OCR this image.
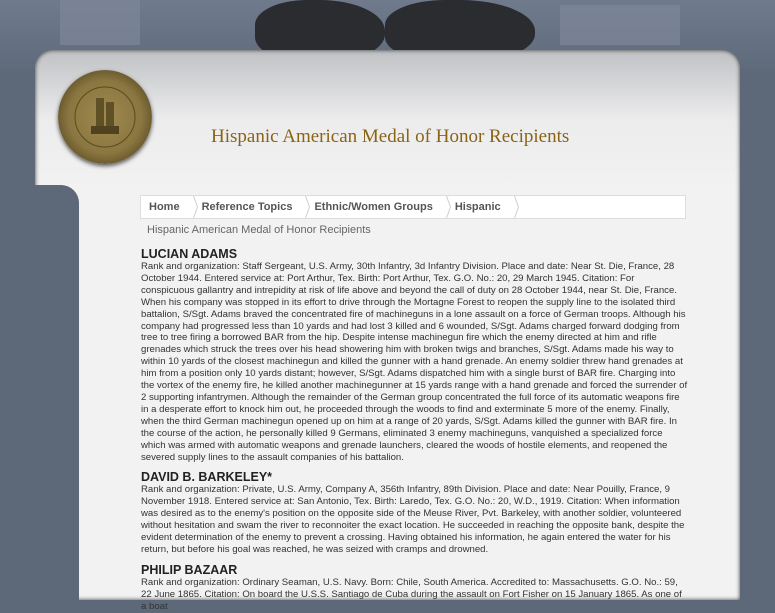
Hispanic American Medal of Honor Recipients
Home	Reference Topics	Ethnic/Women Groups	Hispanic
Hispanic American Medal of Honor Recipients
LUCIAN ADAMS

Rank and organization: Staff Sergeant, U.S. Army, 30th Infantry, 3d Infantry Division. Place and date: Near St. Die, France, 28 October 1944. Entered service at: Port Arthur, Tex. Birth: Port Arthur, Tex. G.O. No.: 20, 29 March 1945. Citation: For conspicuous gallantry and intrepidity at risk of life above and beyond the call of duty on 28 October 1944, near St. Die, France. When his company was stopped in its effort to drive through the Mortagne Forest to reopen the supply line to the isolated third battalion, S/Sgt. Adams braved the concentrated fire of machineguns in a lone assault on a force of German troops. Although his company had progressed less than 10 yards and had lost 3 killed and 6 wounded, S/Sgt. Adams charged forward dodging from tree to tree firing a borrowed BAR from the hip. Despite intense machinegun fire which the enemy directed at him and rifle grenades which struck the trees over his head showering him with broken twigs and branches, S/Sgt. Adams made his way to within 10 yards of the closest machinegun and killed the gunner with a hand grenade. An enemy soldier threw hand grenades at him from a position only 10 yards distant; however, S/Sgt. Adams dispatched him with a single burst of BAR fire. Charging into the vortex of the enemy fire, he killed another machinegunner at 15 yards range with a hand grenade and forced the surrender of 2 supporting infantrymen. Although the remainder of the German group concentrated the full force of its automatic weapons fire in a desperate effort to knock him out, he proceeded through the woods to find and exterminate 5 more of the enemy. Finally, when the third German machinegun opened up on him at a range of 20 yards, S/Sgt. Adams killed the gunner with BAR fire. In the course of the action, he personally killed 9 Germans, eliminated 3 enemy machineguns, vanquished a specialized force which was armed with automatic weapons and grenade launchers, cleared the woods of hostile elements, and reopened the severed supply lines to the assault companies of his battalion.

DAVID B. BARKELEY*

Rank and organization: Private, U.S. Army, Company A, 356th Infantry, 89th Division. Place and date: Near Pouilly, France, 9 November 1918. Entered service at: San Antonio, Tex. Birth: Laredo, Tex. G.O. No.: 20, W.D., 1919. Citation: When information was desired as to the enemy's position on the opposite side of the Meuse River, Pvt. Barkeley, with another soldier, volunteered without hesitation and swam the river to reconnoiter the exact location. He succeeded in reaching the opposite bank, despite the evident determination of the enemy to prevent a crossing. Having obtained his information, he again entered the water for his return, but before his goal was reached, he was seized with cramps and drowned.

PHILIP BAZAAR

Rank and organization: Ordinary Seaman, U.S. Navy. Born: Chile, South America. Accredited to: Massachusetts. G.O. No.: 59, 22 June 1865. Citation: On board the U.S.S. Santiago de Cuba during the assault on Fort Fisher on 15 January 1865. As one of a boat
